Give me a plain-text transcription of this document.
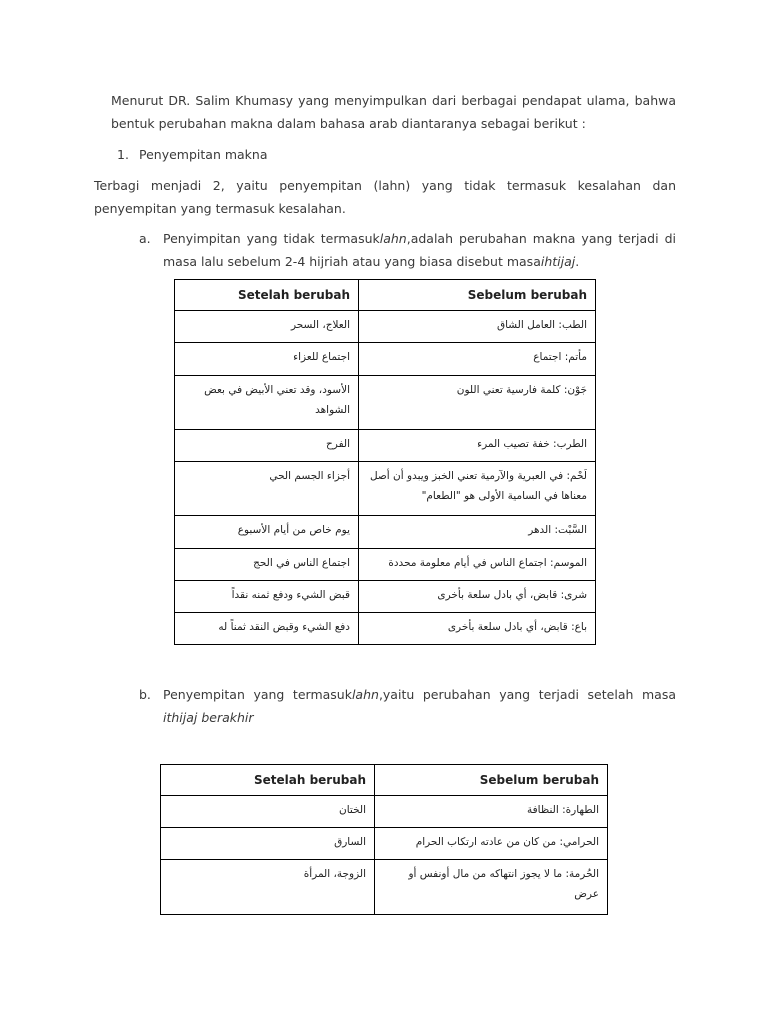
Menurut DR. Salim Khumasy yang menyimpulkan dari berbagai pendapat ulama, bahwa bentuk perubahan makna dalam bahasa arab diantaranya sebagai berikut :

1. Penyempitan makna

Terbagi menjadi 2, yaitu penyempitan (lahn) yang tidak termasuk kesalahan dan penyempitan yang termasuk kesalahan.

a. Penyimpitan yang tidak termasuklahn,adalah perubahan makna yang terjadi di masa lalu sebelum 2-4 hijriah atau yang biasa disebut masaihtijaj.
Setelah berubah	Sebelum berubah
العلاج، السحر	الطب: العامل الشاق
اجتماع للعزاء	مأتم: اجتماع
الأسود، وقد تعني الأبيض في بعض الشواهد	جَوْن: كلمة فارسية تعني اللون
الفرح	الطرب: خفة تصيب المرء
أجزاء الجسم الحي	لَحْم: في العبرية والآرمية تعني الخبز ويبدو أن أصل معناها في السامية الأولى هو "الطعام"
يوم خاص من أيام الأسبوع	السَّبْت: الدهر
اجتماع الناس في الحج	الموسم: اجتماع الناس في أيام معلومة محددة
قبض الشيء ودفع ثمنه نقداً	شرى: قابض، أي بادل سلعة بأخرى
دفع الشيء وقبض النقد ثمناً له	باع: قابض، أي بادل سلعة بأخرى
b. Penyempitan yang termasuklahn,yaitu perubahan yang terjadi setelah masa ithijaj berakhir
Setelah berubah	Sebelum berubah
الختان	الطهارة: النظافة
السارق	الحرامي: من كان من عادته ارتكاب الحرام
الزوجة، المرأة	الحُرمة: ما لا يجوز انتهاكه من مال أونفس أو عرض
